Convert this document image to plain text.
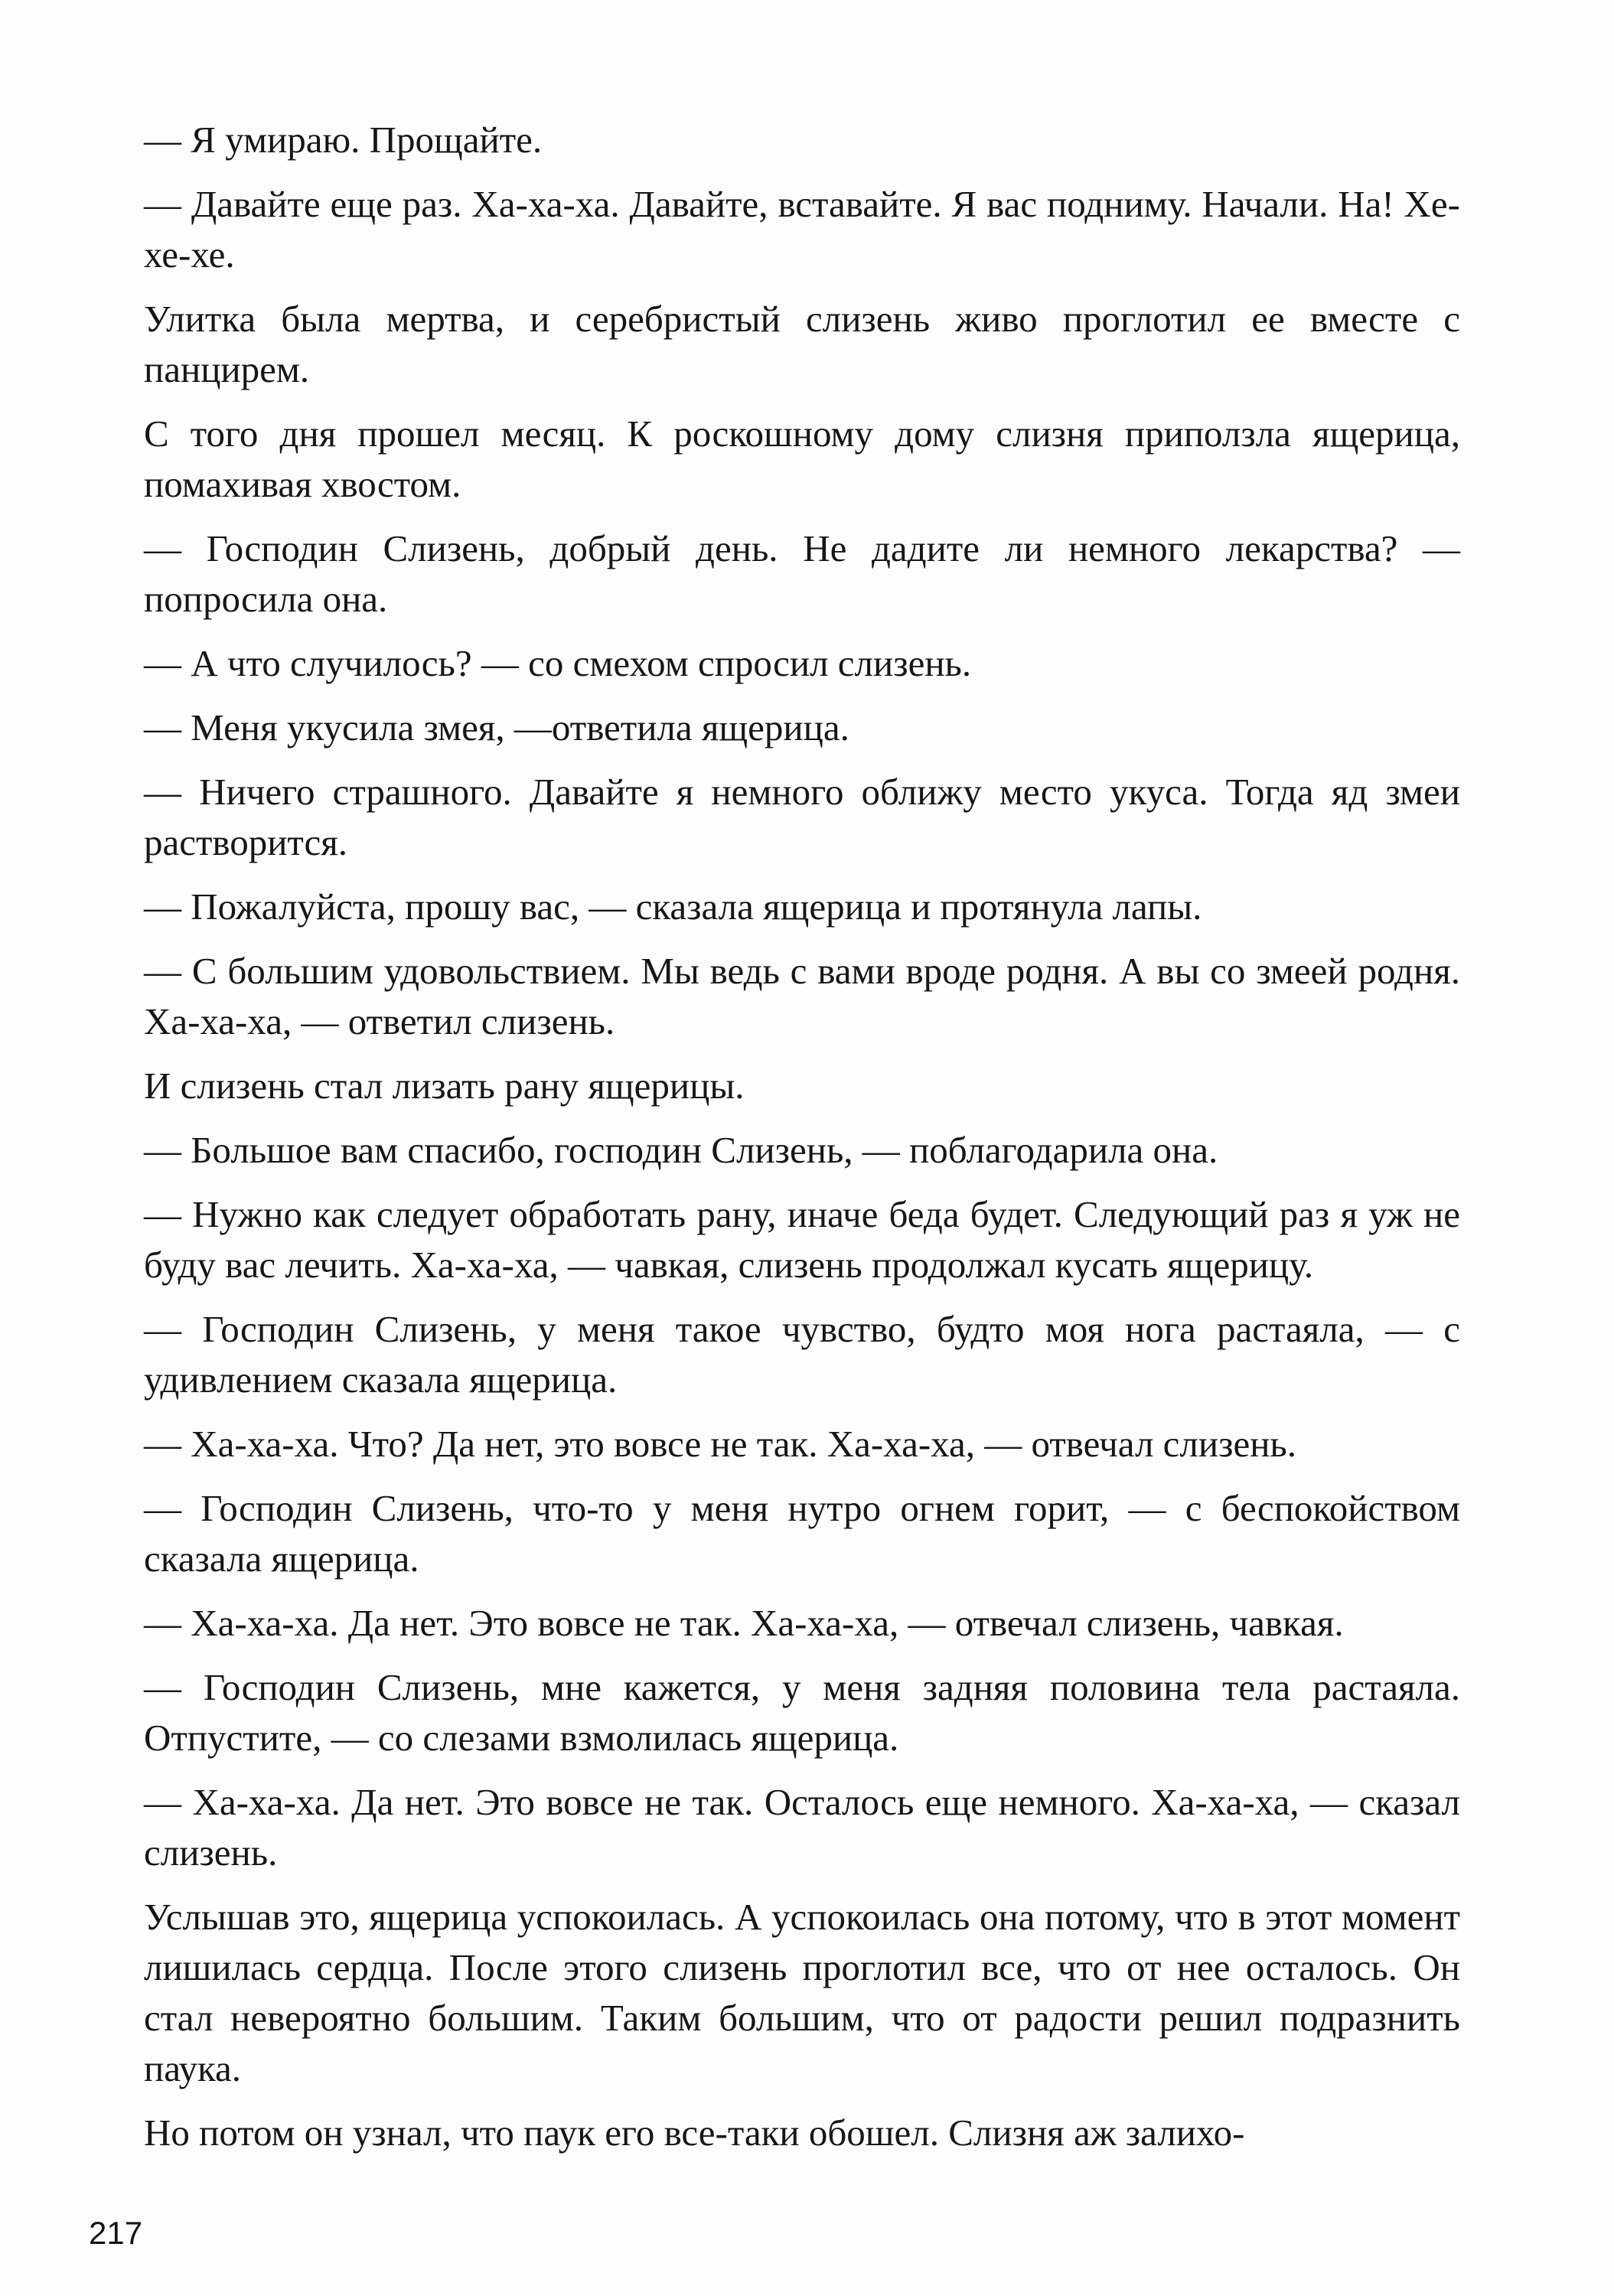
— Я умираю. Прощайте.

— Давайте еще раз. Ха-ха-ха. Давайте, вставайте. Я вас подниму. Начали. На! Хе-хе-хе.

Улитка была мертва, и серебристый слизень живо проглотил ее вместе с панцирем.

С того дня прошел месяц. К роскошному дому слизня приползла ящерица, помахивая хвостом.

— Господин Слизень, добрый день. Не дадите ли немного лекарства? — попросила она.

— А что случилось? — со смехом спросил слизень.

— Меня укусила змея, —ответила ящерица.

— Ничего страшного. Давайте я немного оближу место укуса. Тогда яд змеи растворится.

— Пожалуйста, прошу вас, — сказала ящерица и протянула лапы.

— С большим удовольствием. Мы ведь с вами вроде родня. А вы со змеей родня. Ха-ха-ха, — ответил слизень.

И слизень стал лизать рану ящерицы.

— Большое вам спасибо, господин Слизень, — поблагодарила она.

— Нужно как следует обработать рану, иначе беда будет. Следующий раз я уж не буду вас лечить. Ха-ха-ха, — чавкая, слизень продолжал кусать ящерицу.

— Господин Слизень, у меня такое чувство, будто моя нога растаяла, — с удивлением сказала ящерица.

— Ха-ха-ха. Что? Да нет, это вовсе не так. Ха-ха-ха, — отвечал слизень.

— Господин Слизень, что-то у меня нутро огнем горит, — с беспокойством сказала ящерица.

— Ха-ха-ха. Да нет. Это вовсе не так. Ха-ха-ха, — отвечал слизень, чавкая.

— Господин Слизень, мне кажется, у меня задняя половина тела растаяла. Отпустите, — со слезами взмолилась ящерица.

— Ха-ха-ха. Да нет. Это вовсе не так. Осталось еще немного. Ха-ха-ха, — сказал слизень.

Услышав это, ящерица успокоилась. А успокоилась она потому, что в этот момент лишилась сердца. После этого слизень проглотил все, что от нее осталось. Он стал невероятно большим. Таким большим, что от радости решил подразнить паука.

Но потом он узнал, что паук его все-таки обошел. Слизня аж залихо-

217
